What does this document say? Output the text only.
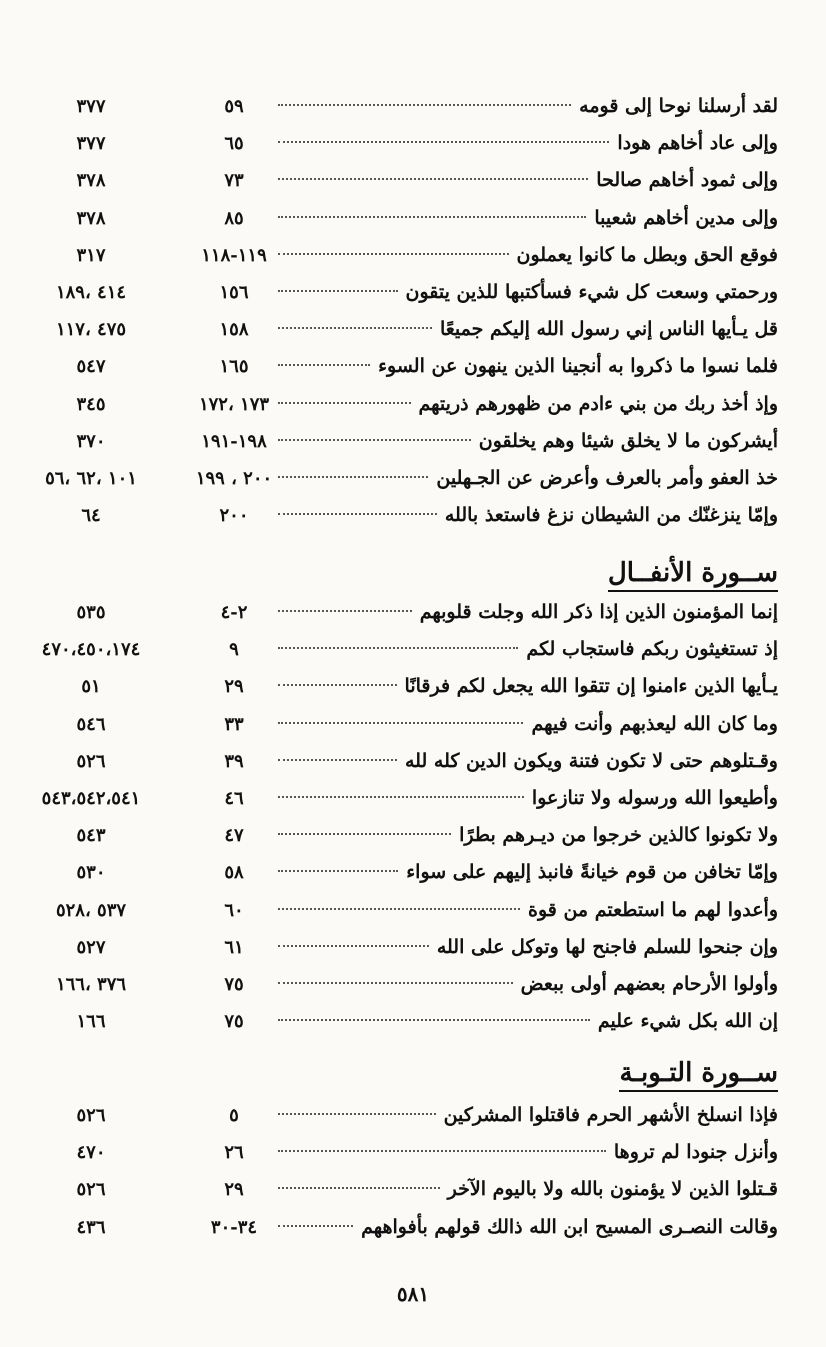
لقد أرسلنا نوحا إلى قومه
٥٩
٣٧٧
وإلى عاد أخاهم هودا
٦٥
٣٧٧
وإلى ثمود أخاهم صالحا
٧٣
٣٧٨
وإلى مدين أخاهم شعيبا
٨٥
٣٧٨
فوقع الحق وبطل ما كانوا يعملون
١١٩-١١٨
٣١٧
ورحمتي وسعت كل شيء فسأكتبها للذين يتقون
١٥٦
٤١٤ ،١٨٩
قل يـأيها الناس إني رسول الله إليكم جميعًا
١٥٨
٤٧٥ ،١١٧
فلما نسوا ما ذكروا به أنجينا الذين ينهون عن السوء
١٦٥
٥٤٧
وإذ أخذ ربك من بني ءادم من ظهورهم ذريتهم
١٧٣ ،١٧٢
٣٤٥
أيشركون ما لا يخلق شيئا وهم يخلقون
١٩٨-١٩١
٣٧٠
خذ العفو وأمر بالعرف وأعرض عن الجـهلين
٢٠٠ ، ١٩٩
١٠١ ،٦٢ ،٥٦
وإمّا ينزغنّك من الشيطان نزغ فاستعذ بالله
٢٠٠
٦٤
ســورة الأنفــال
إنما المؤمنون الذين إذا ذكر الله وجلت قلوبهم
٢-٤
٥٣٥
إذ تستغيثون ربكم فاستجاب لكم
٩
٤٧٠،٤٥٠،١٧٤
يـأيها الذين ءامنوا إن تتقوا الله يجعل لكم فرقانًا
٢٩
٥١
وما كان الله ليعذبهم وأنت فيهم
٣٣
٥٤٦
وقـتلوهم حتى لا تكون فتنة ويكون الدين كله لله
٣٩
٥٢٦
وأطيعوا الله ورسوله ولا تنازعوا
٤٦
٥٤٣،٥٤٢،٥٤١
ولا تكونوا كالذين خرجوا من ديـرهم بطرًا
٤٧
٥٤٣
وإمّا تخافن من قوم خيانةً فانبذ إليهم على سواء
٥٨
٥٣٠
وأعدوا لهم ما استطعتم من قوة
٦٠
٥٣٧ ،٥٢٨
وإن جنحوا للسلم فاجنح لها وتوكل على الله
٦١
٥٢٧
وأولوا الأرحام بعضهم أولى ببعض
٧٥
٣٧٦ ،١٦٦
إن الله بكل شيء عليم
٧٥
١٦٦
ســورة التـوبـة
فإذا انسلخ الأشهر الحرم فاقتلوا المشركين
٥
٥٢٦
وأنزل جنودا لم تروها
٢٦
٤٧٠
قـتلوا الذين لا يؤمنون بالله ولا باليوم الآخر
٢٩
٥٢٦
وقالت النصـرى المسيح ابن الله ذالك قولهم بأفواههم
٣٤-٣٠
٤٣٦
٥٨١
